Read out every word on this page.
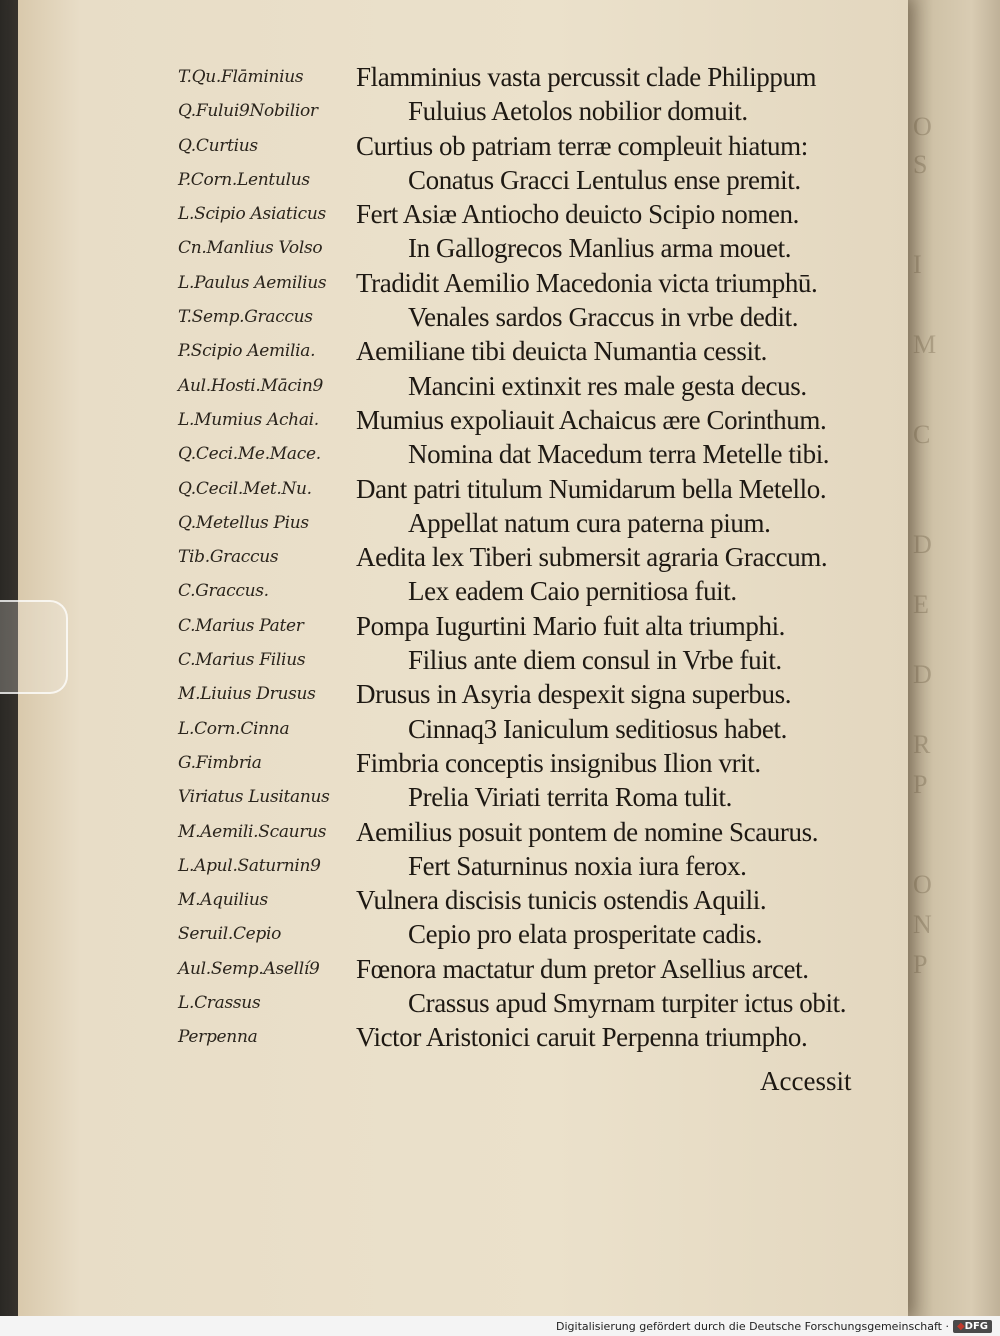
O
S
I
M
C
D
E
D
R
P
O
N
P
T.Qu.Flāminius
Q.Fului9Nobilior
Q.Curtius
P.Corn.Lentulus
L.Scipio Asiaticus
Cn.Manlius Volso
L.Paulus Aemilius
T.Semp.Graccus
P.Scipio Aemilia.
Aul.Hosti.Mācin9
L.Mumius Achai.
Q.Ceci.Me.Mace.
Q.Cecil.Met.Nu.
Q.Metellus Pius
Tib.Graccus
C.Graccus.
C.Marius Pater
C.Marius Filius
M.Liuius Drusus
L.Corn.Cinna
G.Fimbria
Viriatus Lusitanus
M.Aemili.Scaurus
L.Apul.Saturnin9
M.Aquilius
Seruil.Cepio
Aul.Semp.Asellí9
L.Crassus
Perpenna
Flamminius vasta percussit clade Philippum
Fuluius Aetolos nobilior domuit.
Curtius ob patriam terræ compleuit hiatum:
Conatus Gracci Lentulus ense premit.
Fert Asiæ Antiocho deuicto Scipio nomen.
In Gallogrecos Manlius arma mouet.
Tradidit Aemilio Macedonia victa triumphū.
Venales sardos Graccus in vrbe dedit.
Aemiliane tibi deuicta Numantia cessit.
Mancini extinxit res male gesta decus.
Mumius expoliauit Achaicus ære Corinthum.
Nomina dat Macedum terra Metelle tibi.
Dant patri titulum Numidarum bella Metello.
Appellat natum cura paterna pium.
Aedita lex Tiberi submersit agraria Graccum.
Lex eadem Caio pernitiosa fuit.
Pompa Iugurtini Mario fuit alta triumphi.
Filius ante diem consul in Vrbe fuit.
Drusus in Asyria despexit signa superbus.
Cinnaq3 Ianiculum seditiosus habet.
Fimbria conceptis insignibus Ilion vrit.
Prelia Viriati territa Roma tulit.
Aemilius posuit pontem de nomine Scaurus.
Fert Saturninus noxia iura ferox.
Vulnera discisis tunicis ostendis Aquili.
Cepio pro elata prosperitate cadis.
Fœnora mactatur dum pretor Asellius arcet.
Crassus apud Smyrnam turpiter ictus obit.
Victor Aristonici caruit Perpenna triumpho.
Accessit
Digitalisierung gefördert durch die Deutsche Forschungsgemeinschaft · ◆DFG
